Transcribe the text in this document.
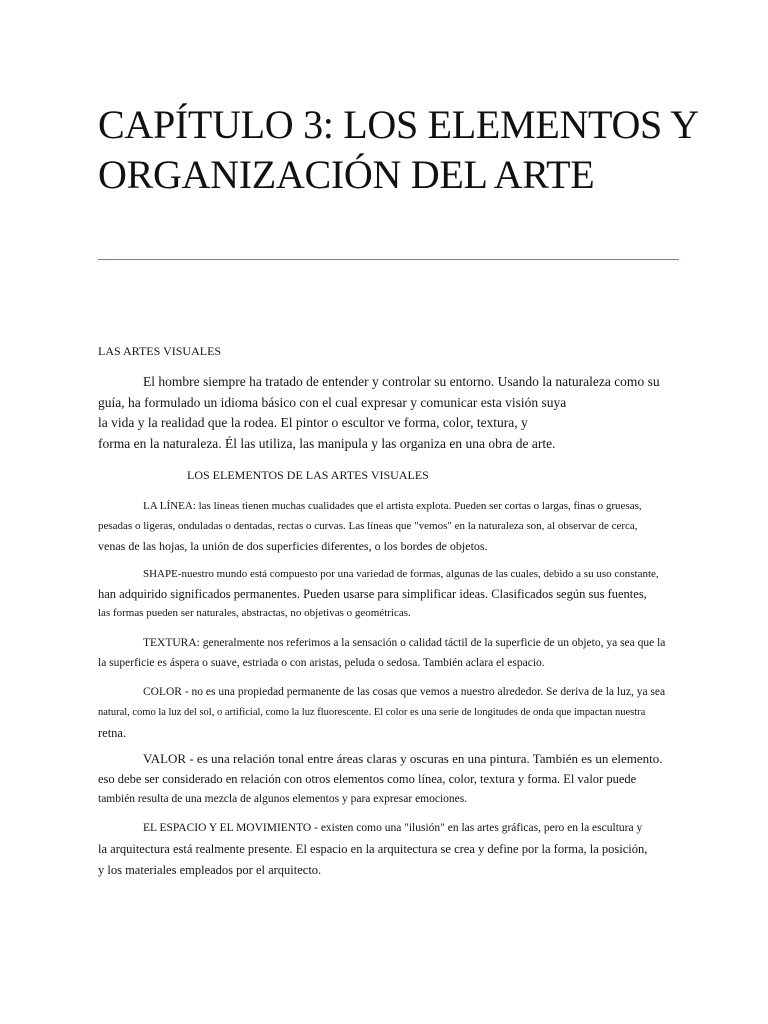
CAPÍTULO 3: LOS ELEMENTOS Y
ORGANIZACIÓN DEL ARTE
LAS ARTES VISUALES

El hombre siempre ha tratado de entender y controlar su entorno. Usando la naturaleza como su
guía, ha formulado un idioma básico con el cual expresar y comunicar esta visión suya
la vida y la realidad que la rodea. El pintor o escultor ve forma, color, textura, y
forma en la naturaleza. Él las utiliza, las manipula y las organiza en una obra de arte.

LOS ELEMENTOS DE LAS ARTES VISUALES

LA LÍNEA: las líneas tienen muchas cualidades que el artista explota. Pueden ser cortas o largas, finas o gruesas,
pesadas o ligeras, onduladas o dentadas, rectas o curvas. Las líneas que "vemos" en la naturaleza son, al observar de cerca,
venas de las hojas, la unión de dos superficies diferentes, o los bordes de objetos.

SHAPE-nuestro mundo está compuesto por una variedad de formas, algunas de las cuales, debido a su uso constante,
han adquirido significados permanentes. Pueden usarse para simplificar ideas. Clasificados según sus fuentes,
las formas pueden ser naturales, abstractas, no objetivas o geométricas.

TEXTURA: generalmente nos referimos a la sensación o calidad táctil de la superficie de un objeto, ya sea que la
la superficie es áspera o suave, estriada o con aristas, peluda o sedosa. También aclara el espacio.

COLOR - no es una propiedad permanente de las cosas que vemos a nuestro alrededor. Se deriva de la luz, ya sea
natural, como la luz del sol, o artificial, como la luz fluorescente. El color es una serie de longitudes de onda que impactan nuestra
retna.

VALOR - es una relación tonal entre áreas claras y oscuras en una pintura. También es un elemento.
eso debe ser considerado en relación con otros elementos como línea, color, textura y forma. El valor puede
también resulta de una mezcla de algunos elementos y para expresar emociones.

EL ESPACIO Y EL MOVIMIENTO - existen como una "ilusión" en las artes gráficas, pero en la escultura y
la arquitectura está realmente presente. El espacio en la arquitectura se crea y define por la forma, la posición,
y los materiales empleados por el arquitecto.
